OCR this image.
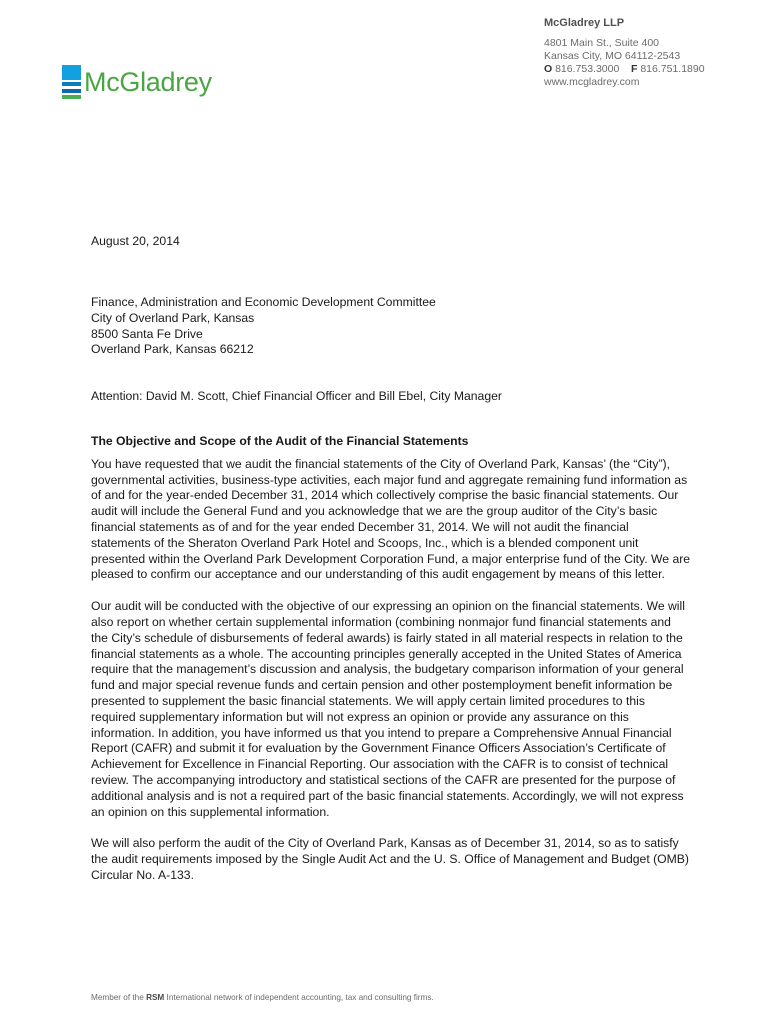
McGladrey
McGladrey LLP
4801 Main St., Suite 400
Kansas City, MO 64112-2543
O 816.753.3000 F 816.751.1890
www.mcgladrey.com
August 20, 2014
Finance, Administration and Economic Development Committee
City of Overland Park, Kansas
8500 Santa Fe Drive
Overland Park, Kansas 66212
Attention: David M. Scott, Chief Financial Officer and Bill Ebel, City Manager
The Objective and Scope of the Audit of the Financial Statements

You have requested that we audit the financial statements of the City of Overland Park, Kansas’ (the “City”), governmental activities, business-type activities, each major fund and aggregate remaining fund information as of and for the year-ended December 31, 2014 which collectively comprise the basic financial statements. Our audit will include the General Fund and you acknowledge that we are the group auditor of the City’s basic financial statements as of and for the year ended December 31, 2014. We will not audit the financial statements of the Sheraton Overland Park Hotel and Scoops, Inc., which is a blended component unit presented within the Overland Park Development Corporation Fund, a major enterprise fund of the City. We are pleased to confirm our acceptance and our understanding of this audit engagement by means of this letter.

Our audit will be conducted with the objective of our expressing an opinion on the financial statements. We will also report on whether certain supplemental information (combining nonmajor fund financial statements and the City’s schedule of disbursements of federal awards) is fairly stated in all material respects in relation to the financial statements as a whole. The accounting principles generally accepted in the United States of America require that the management’s discussion and analysis, the budgetary comparison information of your general fund and major special revenue funds and certain pension and other postemployment benefit information be presented to supplement the basic financial statements. We will apply certain limited procedures to this required supplementary information but will not express an opinion or provide any assurance on this information. In addition, you have informed us that you intend to prepare a Comprehensive Annual Financial Report (CAFR) and submit it for evaluation by the Government Finance Officers Association’s Certificate of Achievement for Excellence in Financial Reporting. Our association with the CAFR is to consist of technical review. The accompanying introductory and statistical sections of the CAFR are presented for the purpose of additional analysis and is not a required part of the basic financial statements. Accordingly, we will not express an opinion on this supplemental information.

We will also perform the audit of the City of Overland Park, Kansas as of December 31, 2014, so as to satisfy the audit requirements imposed by the Single Audit Act and the U. S. Office of Management and Budget (OMB) Circular No. A-133.

Member of the RSM International network of independent accounting, tax and consulting firms.
